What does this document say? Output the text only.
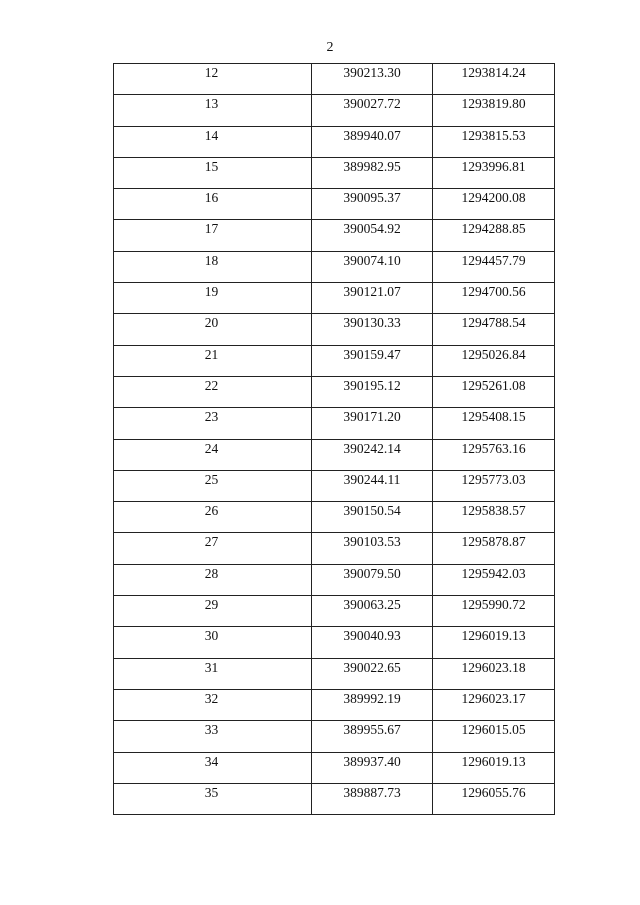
2
12	390213.30	1293814.24
13	390027.72	1293819.80
14	389940.07	1293815.53
15	389982.95	1293996.81
16	390095.37	1294200.08
17	390054.92	1294288.85
18	390074.10	1294457.79
19	390121.07	1294700.56
20	390130.33	1294788.54
21	390159.47	1295026.84
22	390195.12	1295261.08
23	390171.20	1295408.15
24	390242.14	1295763.16
25	390244.11	1295773.03
26	390150.54	1295838.57
27	390103.53	1295878.87
28	390079.50	1295942.03
29	390063.25	1295990.72
30	390040.93	1296019.13
31	390022.65	1296023.18
32	389992.19	1296023.17
33	389955.67	1296015.05
34	389937.40	1296019.13
35	389887.73	1296055.76
